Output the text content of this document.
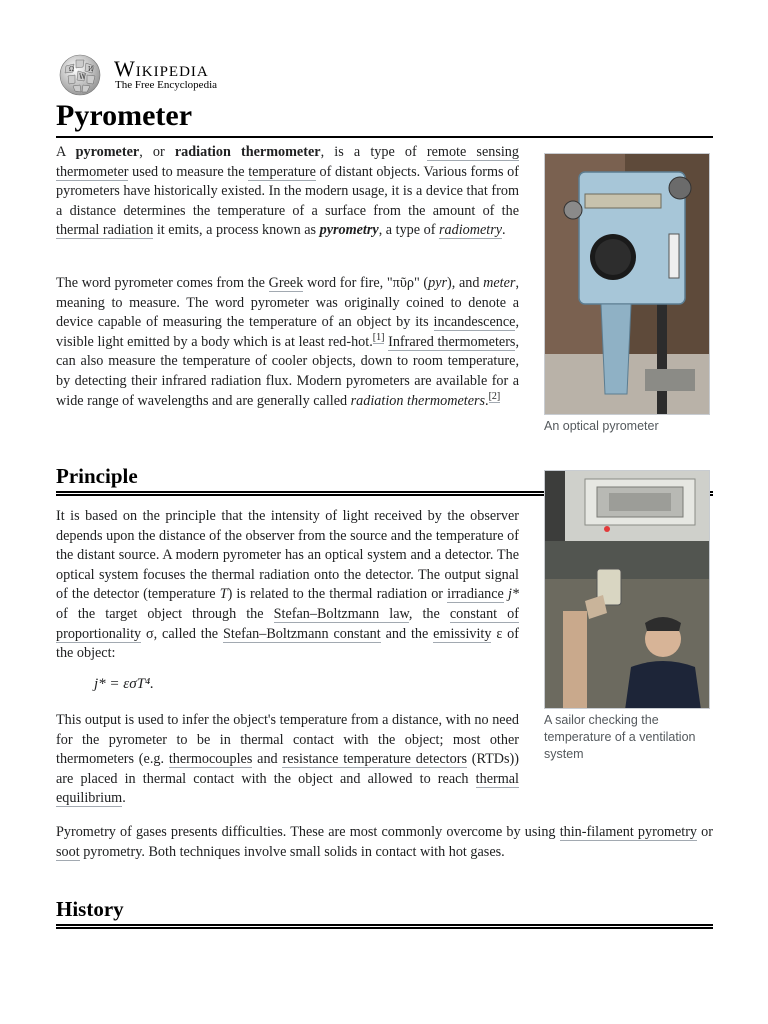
Ω
W
И Wikipedia
The Free Encyclopedia
Pyrometer

A pyrometer, or radiation thermometer, is a type of remote sensing thermometer used to measure the temperature of distant objects. Various forms of pyrometers have historically existed. In the modern usage, it is a device that from a distance determines the temperature of a surface from the amount of the thermal radiation it emits, a process known as pyrometry, a type of radiometry.

The word pyrometer comes from the Greek word for fire, "πῦρ" (pyr), and meter, meaning to measure. The word pyrometer was originally coined to denote a device capable of measuring the temperature of an object by its incandescence, visible light emitted by a body which is at least red-hot.[1] Infrared thermometers, can also measure the temperature of cooler objects, down to room temperature, by detecting their infrared radiation flux. Modern pyrometers are available for a wide range of wavelengths and are generally called radiation thermometers.[2]

An optical pyrometer
Principle

It is based on the principle that the intensity of light received by the observer depends upon the distance of the observer from the source and the temperature of the distant source. A modern pyrometer has an optical system and a detector. The optical system focuses the thermal radiation onto the detector. The output signal of the detector (temperature T) is related to the thermal radiation or irradiance j* of the target object through the Stefan–Boltzmann law, the constant of proportionality σ, called the Stefan–Boltzmann constant and the emissivity ε of the object:

j* = εσT⁴.

This output is used to infer the object's temperature from a distance, with no need for the pyrometer to be in thermal contact with the object; most other thermometers (e.g. thermocouples and resistance temperature detectors (RTDs)) are placed in thermal contact with the object and allowed to reach thermal equilibrium.

Pyrometry of gases presents difficulties. These are most commonly overcome by using thin-filament pyrometry or soot pyrometry. Both techniques involve small solids in contact with hot gases.

A sailor checking the temperature of a ventilation system
History
